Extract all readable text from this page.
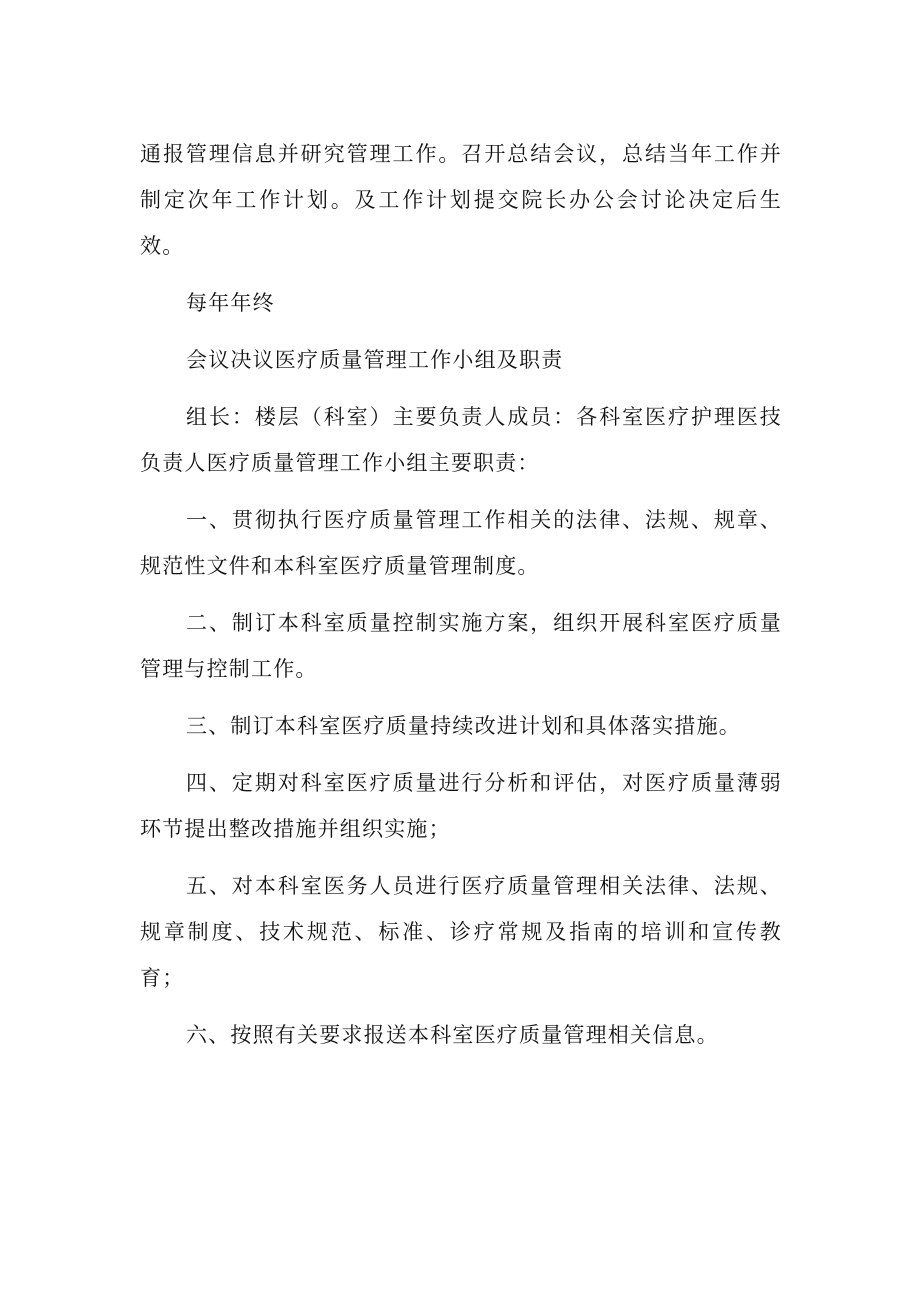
通报管理信息并研究管理工作。召开总结会议，总结当年工作并制定次年工作计划。及工作计划提交院长办公会讨论决定后生效。

每年年终

会议决议医疗质量管理工作小组及职责

组长：楼层（科室）主要负责人成员：各科室医疗护理医技负责人医疗质量管理工作小组主要职责：

一、贯彻执行医疗质量管理工作相关的法律、法规、规章、规范性文件和本科室医疗质量管理制度。

二、制订本科室质量控制实施方案，组织开展科室医疗质量管理与控制工作。

三、制订本科室医疗质量持续改进计划和具体落实措施。

四、定期对科室医疗质量进行分析和评估，对医疗质量薄弱环节提出整改措施并组织实施；

五、对本科室医务人员进行医疗质量管理相关法律、法规、规章制度、技术规范、标准、诊疗常规及指南的培训和宣传教育；

六、按照有关要求报送本科室医疗质量管理相关信息。
